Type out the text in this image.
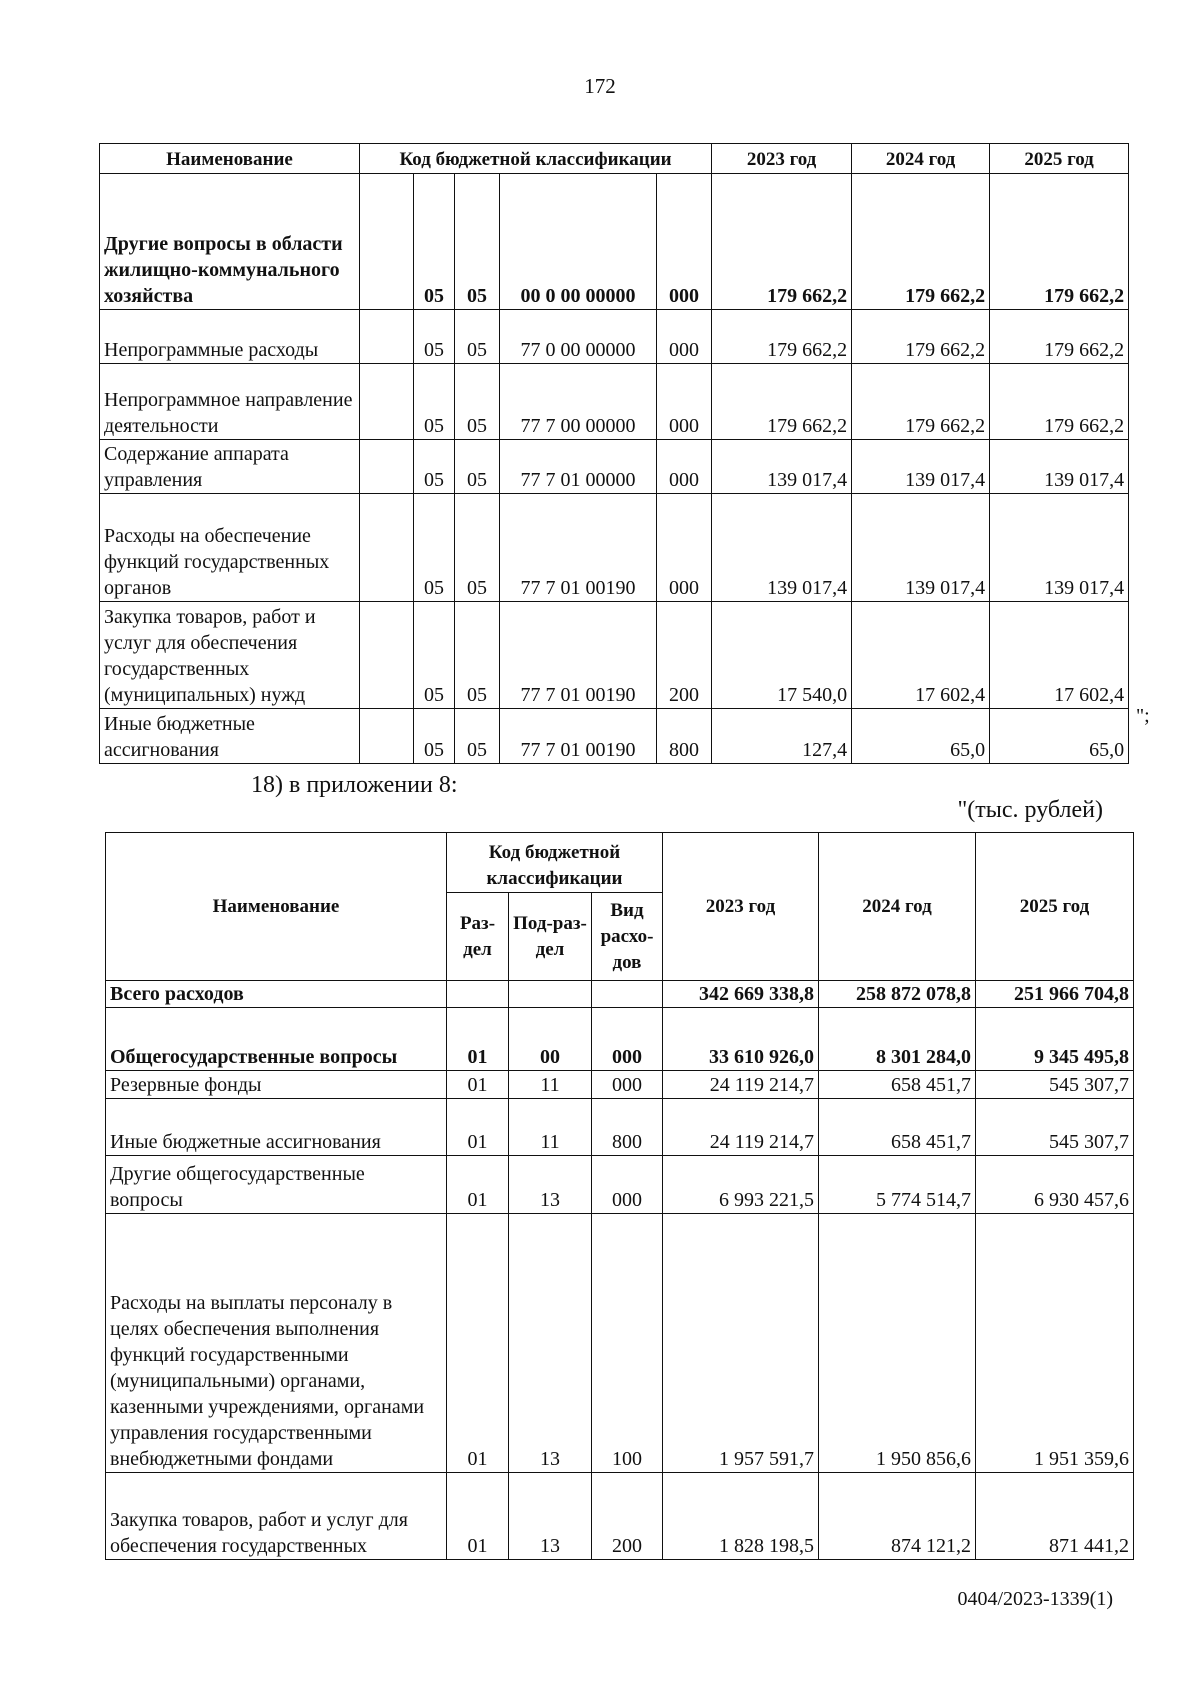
172
Наименование	Код бюджетной классификации					2023 год	2024 год	2025 год
Другие вопросы в области жилищно-коммунального хозяйства		05	05	00 0 00 00000	000	179 662,2	179 662,2	179 662,2
Непрограммные расходы		05	05	77 0 00 00000	000	179 662,2	179 662,2	179 662,2
Непрограммное направление деятельности		05	05	77 7 00 00000	000	179 662,2	179 662,2	179 662,2
Содержание аппарата управления		05	05	77 7 01 00000	000	139 017,4	139 017,4	139 017,4
Расходы на обеспечение функций государственных органов		05	05	77 7 01 00190	000	139 017,4	139 017,4	139 017,4
Закупка товаров, работ и услуг для обеспечения государственных (муниципальных) нужд		05	05	77 7 01 00190	200	17 540,0	17 602,4	17 602,4
Иные бюджетные ассигнования		05	05	77 7 01 00190	800	127,4	65,0	65,0
";
18) в приложении 8:
"(тыс. рублей)
Наименование	Код бюджетной классификации			2023 год	2024 год	2025 год
	Раз-дел	Под-раз-дел	Вид расхо-дов			
Всего расходов				342 669 338,8	258 872 078,8	251 966 704,8
Общегосударственные вопросы	01	00	000	33 610 926,0	8 301 284,0	9 345 495,8
Резервные фонды	01	11	000	24 119 214,7	658 451,7	545 307,7
Иные бюджетные ассигнования	01	11	800	24 119 214,7	658 451,7	545 307,7
Другие общегосударственные вопросы	01	13	000	6 993 221,5	5 774 514,7	6 930 457,6
Расходы на выплаты персоналу в целях обеспечения выполнения функций государственными (муниципальными) органами, казенными учреждениями, органами управления государственными внебюджетными фондами	01	13	100	1 957 591,7	1 950 856,6	1 951 359,6
Закупка товаров, работ и услуг для обеспечения государственных	01	13	200	1 828 198,5	874 121,2	871 441,2
0404/2023-1339(1)
